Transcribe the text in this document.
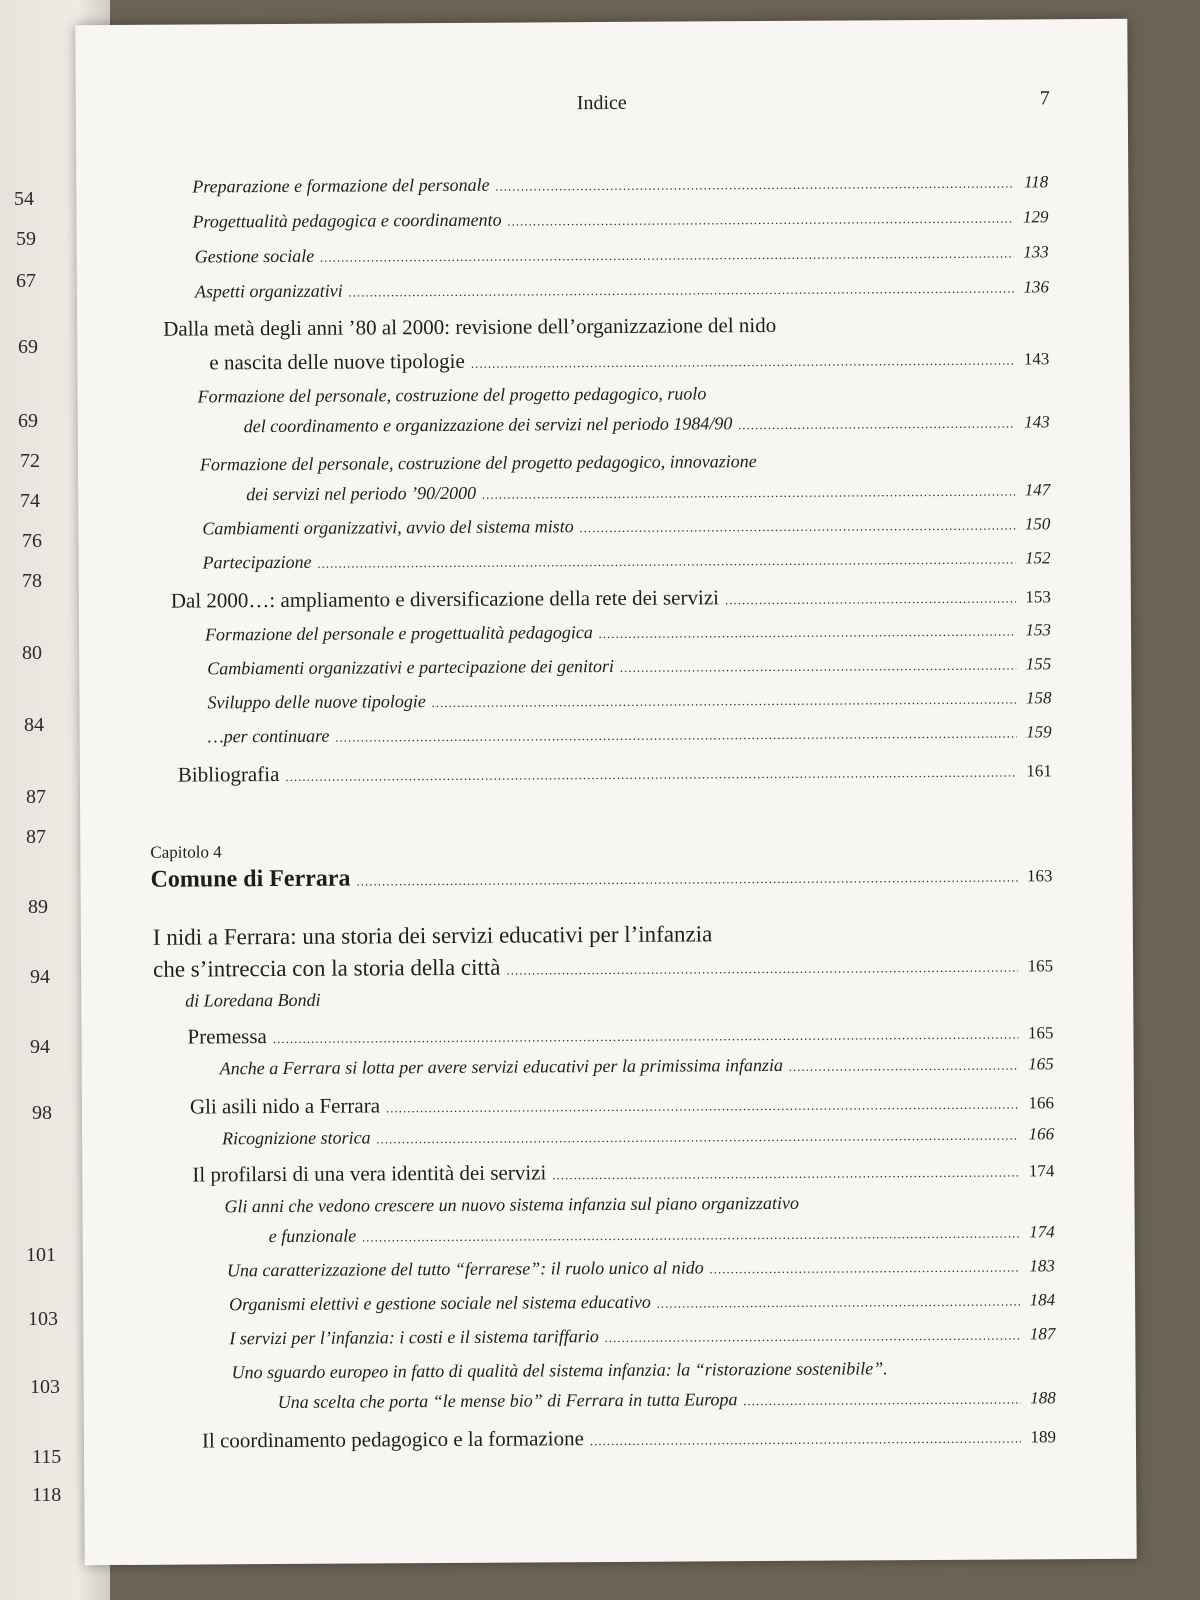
54
59
67
69
69
72
74
76
78
80
84
87
87
89
94
94
98
101
103
103
115
118
Indice	7
Preparazione e formazione del personale .....	118
Progettualità pedagogica e coordinamento .....	129
Gestione sociale .....	133
Aspetti organizzativi .....	136
Dalla metà degli anni ’80 al 2000: revisione dell’organizzazione del nido
e nascita delle nuove tipologie .....	143
Formazione del personale, costruzione del progetto pedagogico, ruolo
del coordinamento e organizzazione dei servizi nel periodo 1984/90 .....	143
Formazione del personale, costruzione del progetto pedagogico, innovazione
dei servizi nel periodo ’90/2000 .....	147
Cambiamenti organizzativi, avvio del sistema misto .....	150
Partecipazione .....	152
Dal 2000…: ampliamento e diversificazione della rete dei servizi .....	153
Formazione del personale e progettualità pedagogica .....	153
Cambiamenti organizzativi e partecipazione dei genitori .....	155
Sviluppo delle nuove tipologie .....	158
…per continuare .....	159
Bibliografia .....	161
Capitolo 4
Comune di Ferrara .....	163
I nidi a Ferrara: una storia dei servizi educativi per l’infanzia
che s’intreccia con la storia della città .....	165
di Loredana Bondi
Premessa .....	165
Anche a Ferrara si lotta per avere servizi educativi per la primissima infanzia .....	165
Gli asili nido a Ferrara .....	166
Ricognizione storica .....	166
Il profilarsi di una vera identità dei servizi .....	174
Gli anni che vedono crescere un nuovo sistema infanzia sul piano organizzativo
e funzionale .....	174
Una caratterizzazione del tutto “ferrarese”: il ruolo unico al nido .....	183
Organismi elettivi e gestione sociale nel sistema educativo .....	184
I servizi per l’infanzia: i costi e il sistema tariffario .....	187
Uno sguardo europeo in fatto di qualità del sistema infanzia: la “ristorazione sostenibile”.
Una scelta che porta “le mense bio” di Ferrara in tutta Europa .....	188
Il coordinamento pedagogico e la formazione .....	189
